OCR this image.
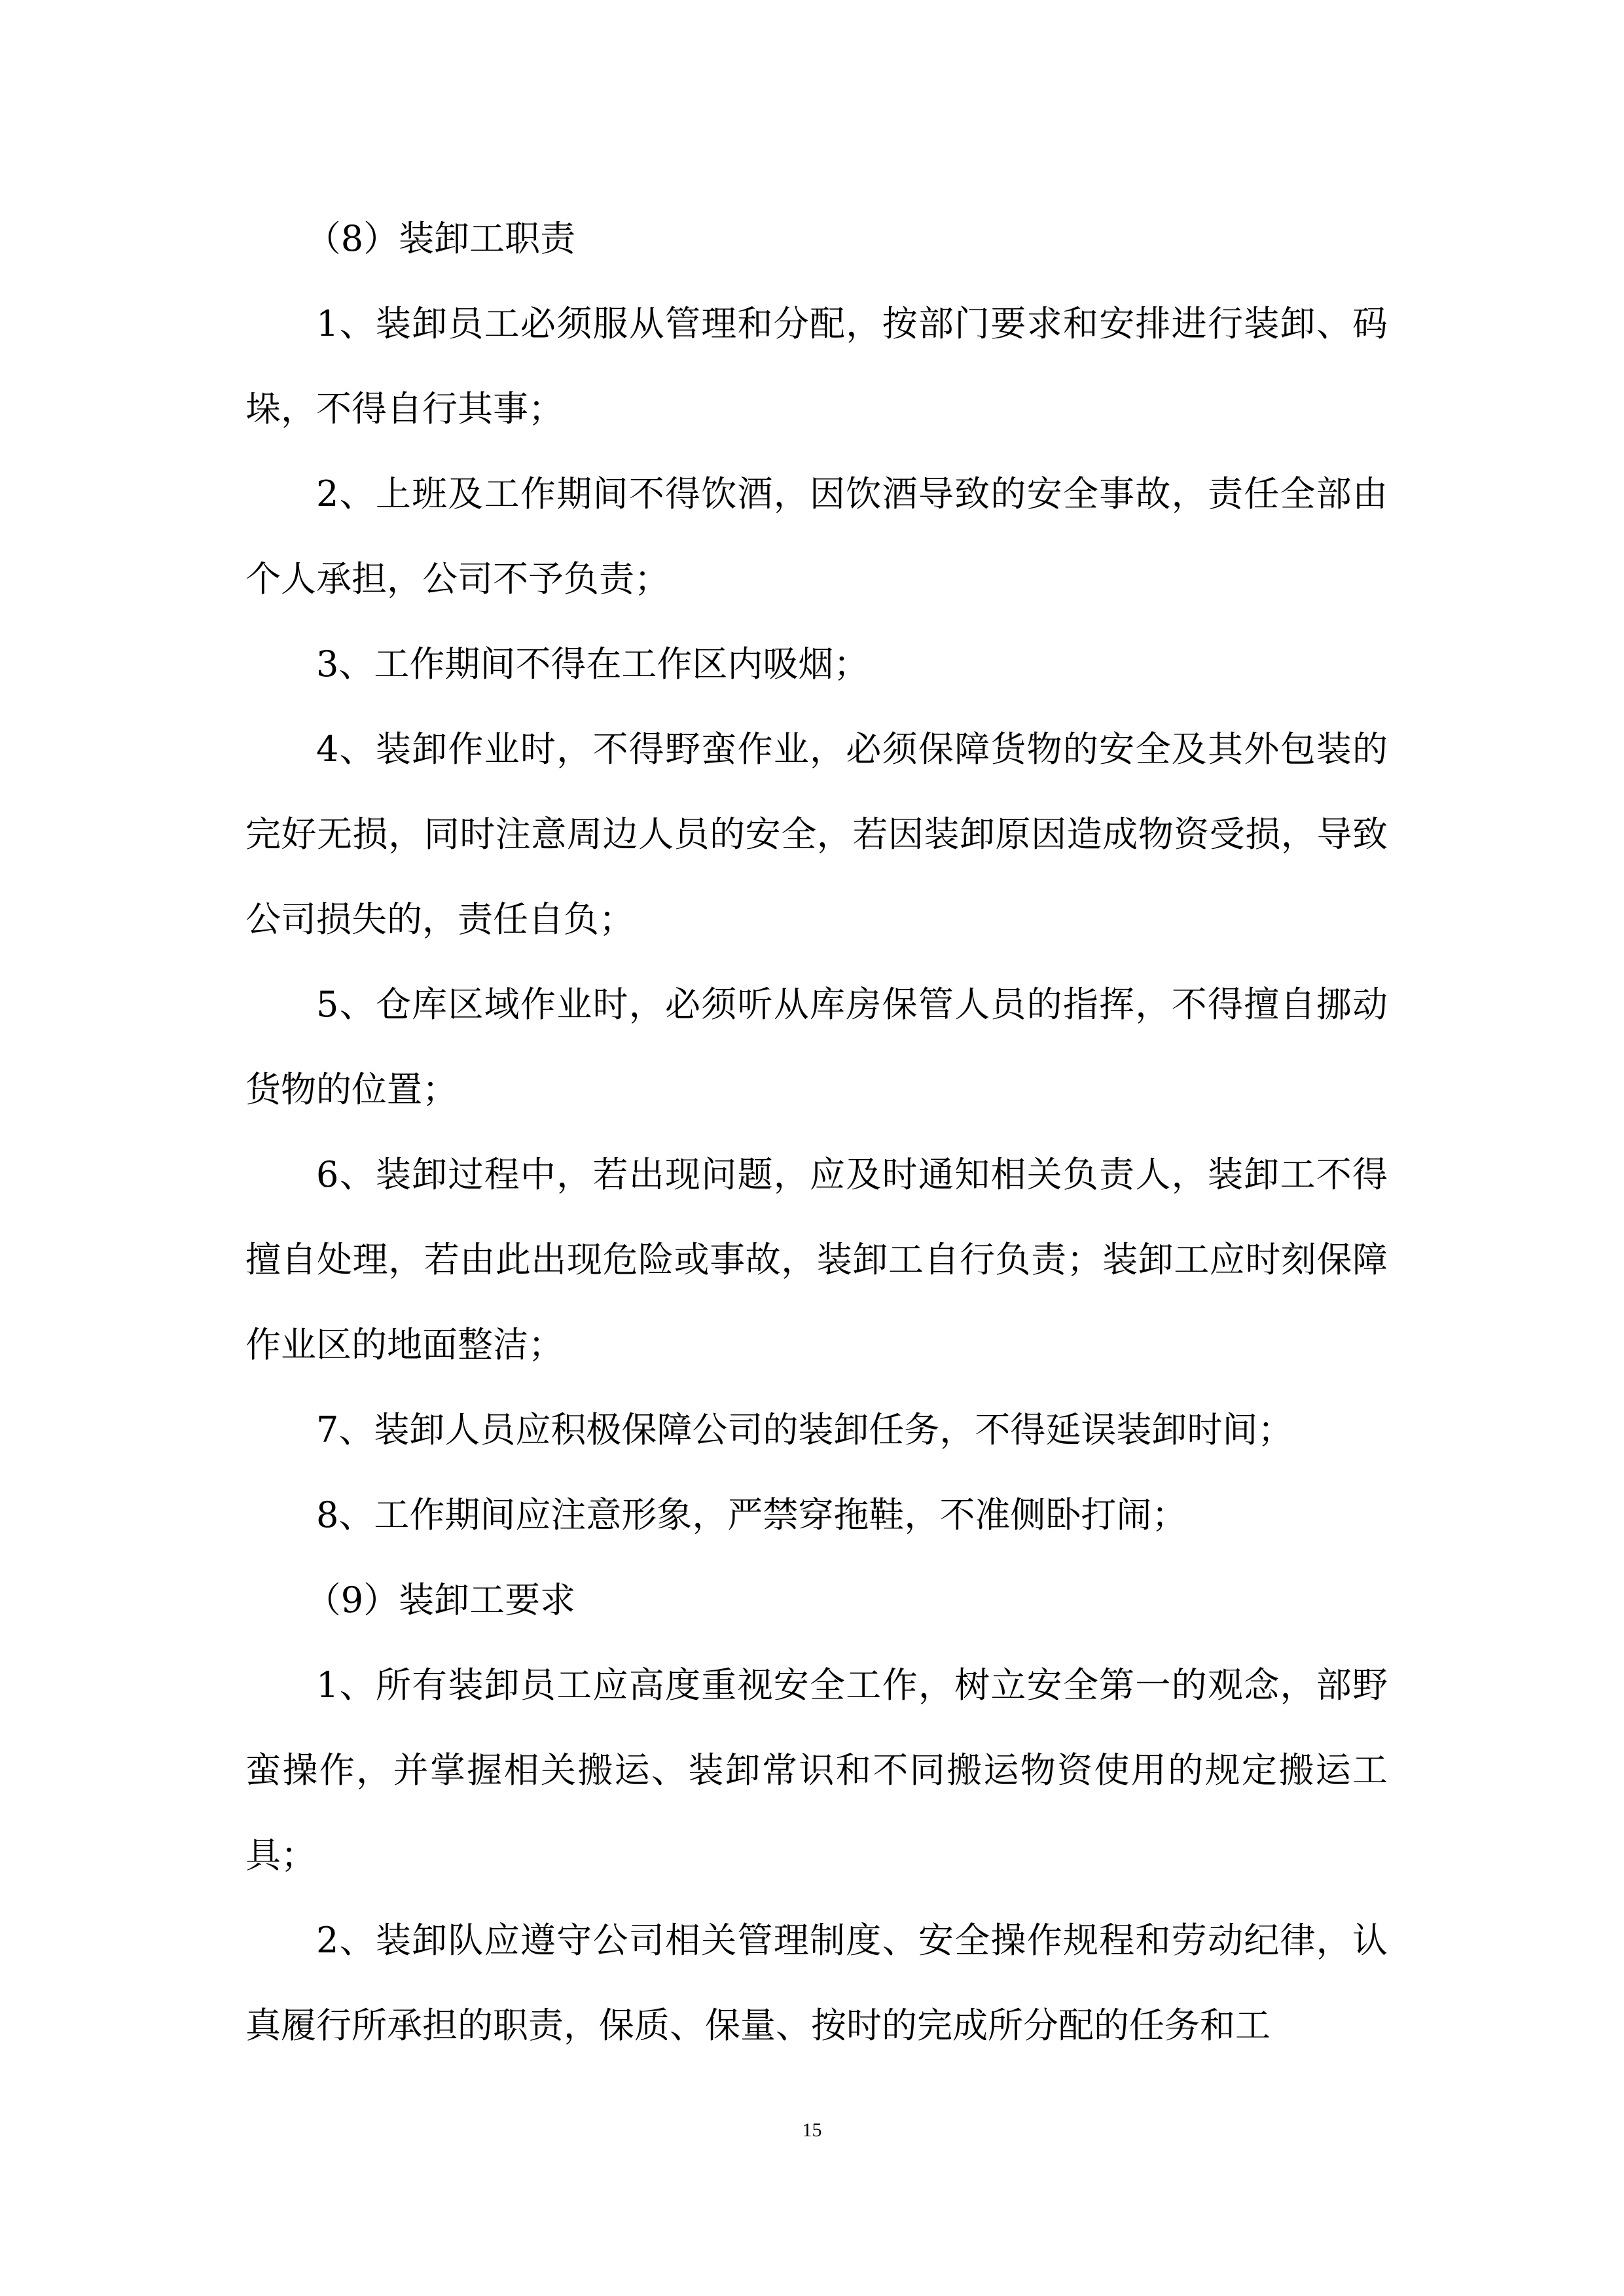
（8）装卸工职责

1、装卸员工必须服从管理和分配，按部门要求和安排进行装卸、码垛，不得自行其事；

2、上班及工作期间不得饮酒，因饮酒导致的安全事故，责任全部由个人承担，公司不予负责；

3、工作期间不得在工作区内吸烟；

4、装卸作业时，不得野蛮作业，必须保障货物的安全及其外包装的完好无损，同时注意周边人员的安全，若因装卸原因造成物资受损，导致公司损失的，责任自负；

5、仓库区域作业时，必须听从库房保管人员的指挥，不得擅自挪动货物的位置；

6、装卸过程中，若出现问题，应及时通知相关负责人，装卸工不得擅自处理，若由此出现危险或事故，装卸工自行负责；装卸工应时刻保障作业区的地面整洁；

7、装卸人员应积极保障公司的装卸任务，不得延误装卸时间；

8、工作期间应注意形象，严禁穿拖鞋，不准侧卧打闹；

（9）装卸工要求

1、所有装卸员工应高度重视安全工作，树立安全第一的观念，部野蛮操作，并掌握相关搬运、装卸常识和不同搬运物资使用的规定搬运工具；

2、装卸队应遵守公司相关管理制度、安全操作规程和劳动纪律，认真履行所承担的职责，保质、保量、按时的完成所分配的任务和工

15
